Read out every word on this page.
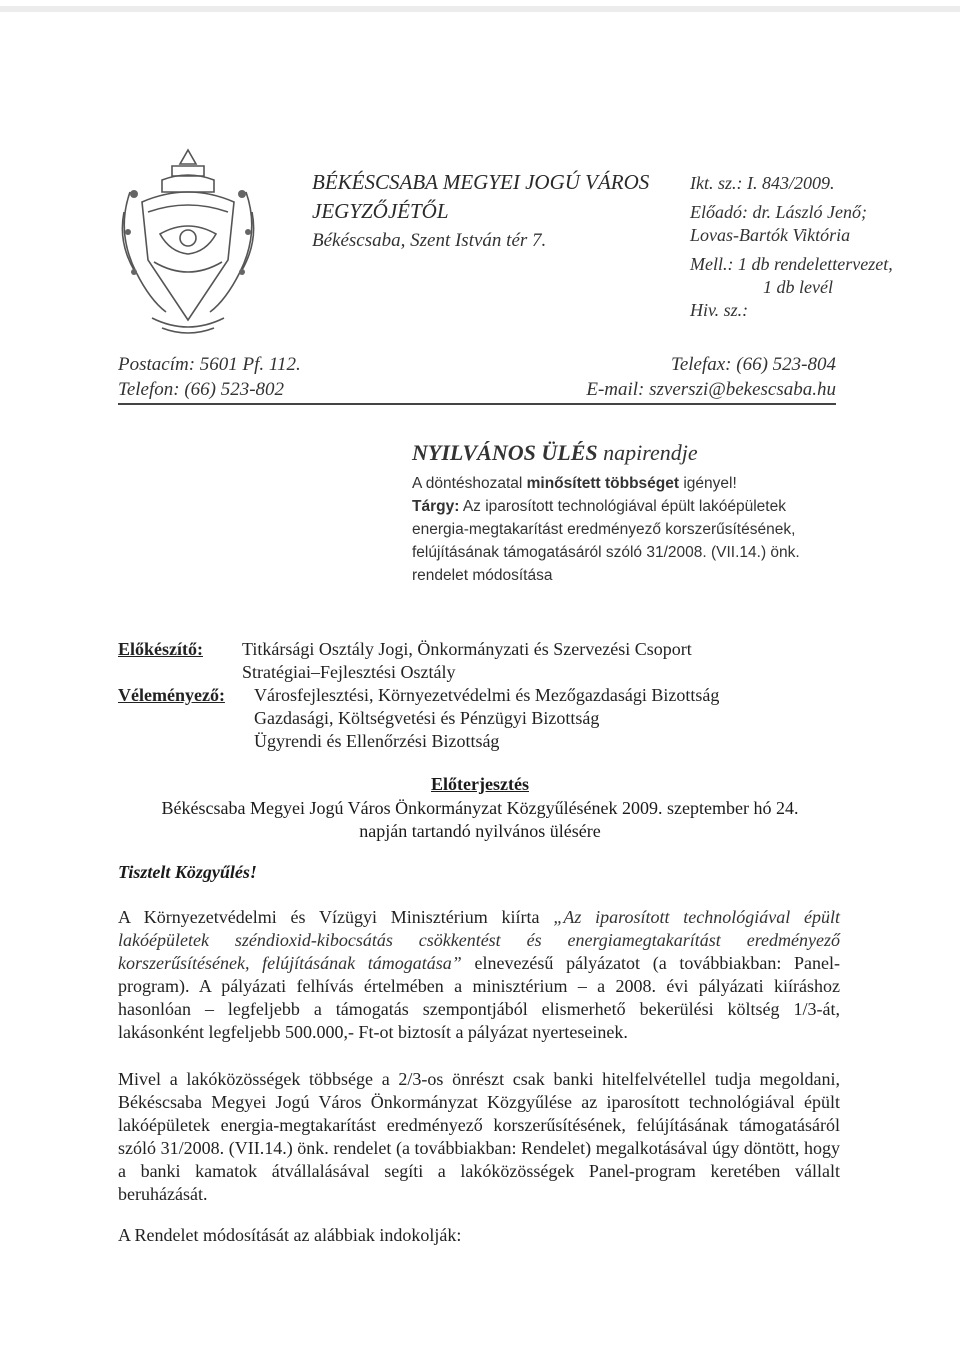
BÉKÉSCSABA MEGYEI JOGÚ VÁROS
JEGYZŐJÉTŐL
Békéscsaba, Szent István tér 7.
Ikt. sz.: I. 843/2009.
Előadó: dr. László Jenő;
Lovas-Bartók Viktória
Mell.: 1 db rendelettervezet,
1 db levél
Hiv. sz.:
Postacím: 5601 Pf. 112.
Telefon: (66) 523-802
Telefax: (66) 523-804
E-mail: szverszi@bekescsaba.hu
NYILVÁNOS ÜLÉS napirendje
A döntéshozatal minősített többséget igényel!
Tárgy: Az iparosított technológiával épült lakóépületek
energia-megtakarítást eredményező korszerűsítésének,
felújításának támogatásáról szóló 31/2008. (VII.14.) önk.
rendelet módosítása
Előkészítő:	Titkársági Osztály Jogi, Önkormányzati és Szervezési Csoport
Stratégiai–Fejlesztési Osztály
Véleményező:	Városfejlesztési, Környezetvédelmi és Mezőgazdasági Bizottság
Gazdasági, Költségvetési és Pénzügyi Bizottság
Ügyrendi és Ellenőrzési Bizottság
Előterjesztés
Békéscsaba Megyei Jogú Város Önkormányzat Közgyűlésének 2009. szeptember hó 24.
napján tartandó nyilvános ülésére
Tisztelt Közgyűlés!
A Környezetvédelmi és Vízügyi Minisztérium kiírta „Az iparosított technológiával épült lakóépületek széndioxid-kibocsátás csökkentést és energiamegtakarítást eredményező korszerűsítésének, felújításának támogatása” elnevezésű pályázatot (a továbbiakban: Panel-program). A pályázati felhívás értelmében a minisztérium – a 2008. évi pályázati kiíráshoz hasonlóan – legfeljebb a támogatás szempontjából elismerhető bekerülési költség 1/3-át, lakásonként legfeljebb 500.000,- Ft-ot biztosít a pályázat nyerteseinek.
Mivel a lakóközösségek többsége a 2/3-os önrészt csak banki hitelfelvétellel tudja megoldani, Békéscsaba Megyei Jogú Város Önkormányzat Közgyűlése az iparosított technológiával épült lakóépületek energia-megtakarítást eredményező korszerűsítésének, felújításának támogatásáról szóló 31/2008. (VII.14.) önk. rendelet (a továbbiakban: Rendelet) megalkotásával úgy döntött, hogy a banki kamatok átvállalásával segíti a lakóközösségek Panel-program keretében vállalt beruházását.
A Rendelet módosítását az alábbiak indokolják:
